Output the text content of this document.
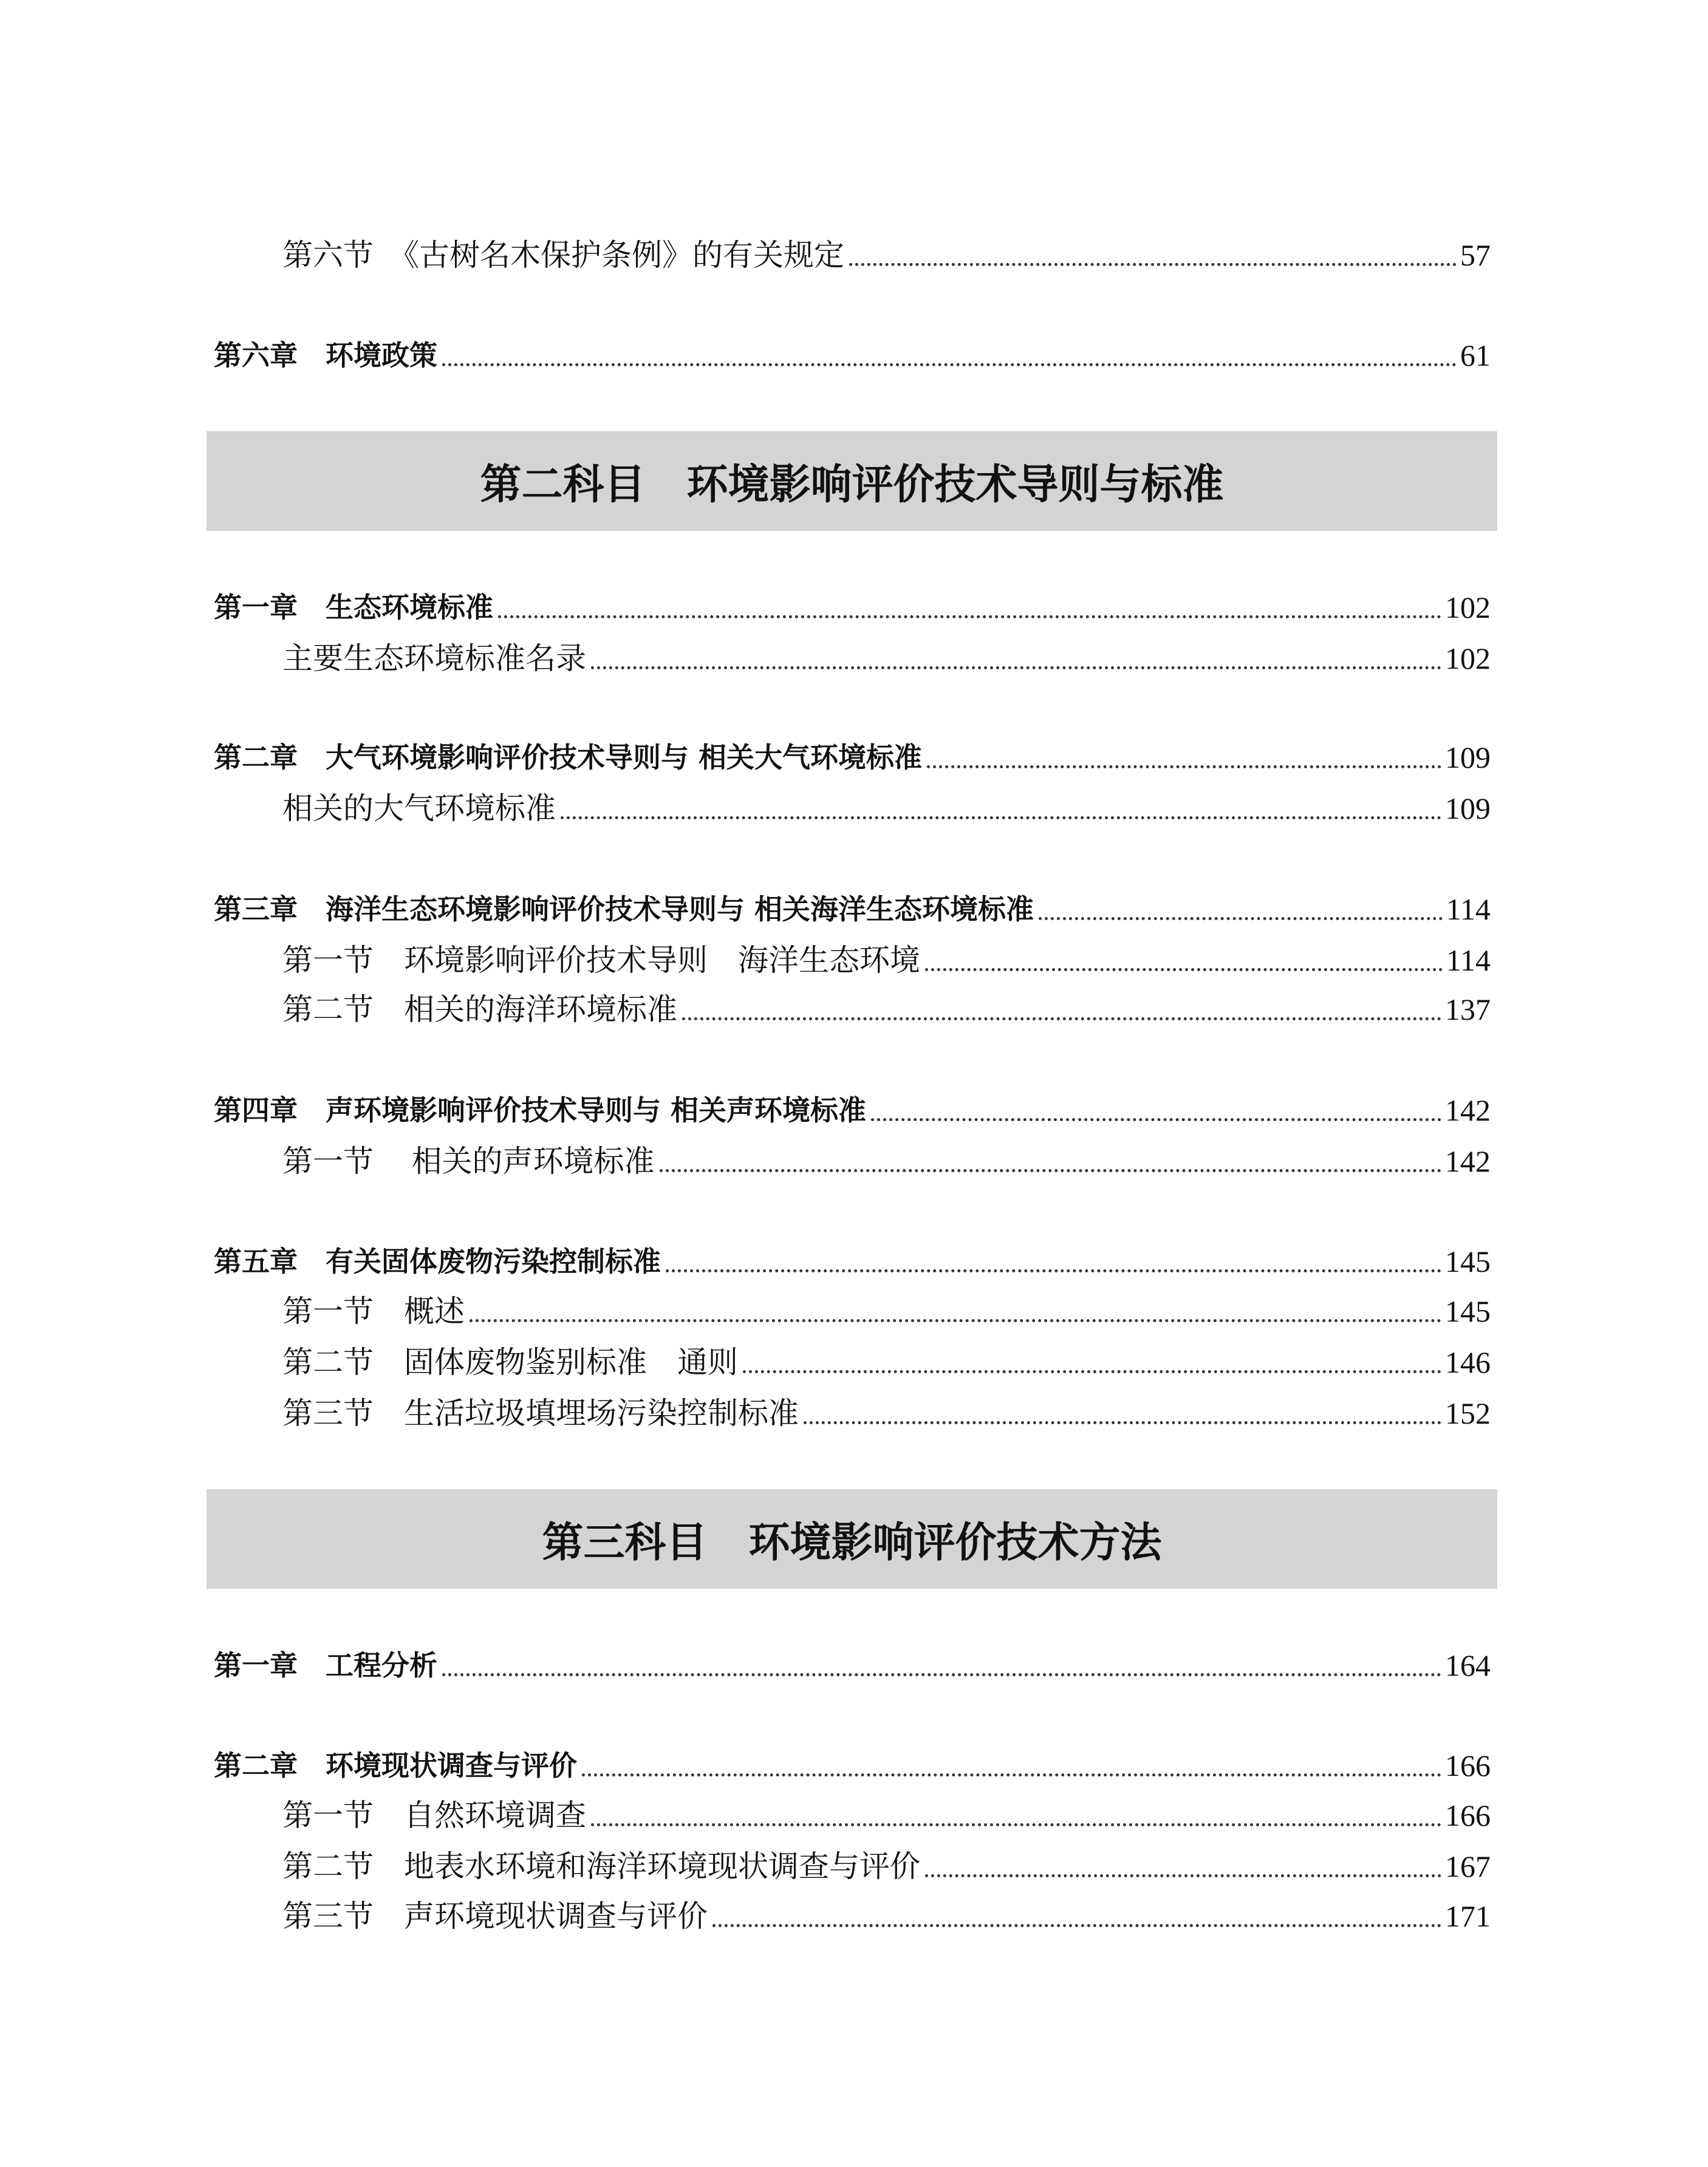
第六节　《古树名木保护条例》的有关规定	57
第六章　环境政策	61
第二科目　环境影响评价技术导则与标准
第一章　生态环境标准	102
主要生态环境标准名录	102
第二章　大气环境影响评价技术导则与 相关大气环境标准	109
相关的大气环境标准	109
第三章　海洋生态环境影响评价技术导则与 相关海洋生态环境标准	114
第一节　环境影响评价技术导则　海洋生态环境	114
第二节　相关的海洋环境标准	137
第四章　声环境影响评价技术导则与 相关声环境标准	142
第一节　 相关的声环境标准	142
第五章　有关固体废物污染控制标准	145
第一节　概述	145
第二节　固体废物鉴别标准　通则	146
第三节　生活垃圾填埋场污染控制标准	152
第三科目　环境影响评价技术方法
第一章　工程分析	164
第二章　环境现状调查与评价	166
第一节　自然环境调查	166
第二节　地表水环境和海洋环境现状调查与评价	167
第三节　声环境现状调查与评价	171
